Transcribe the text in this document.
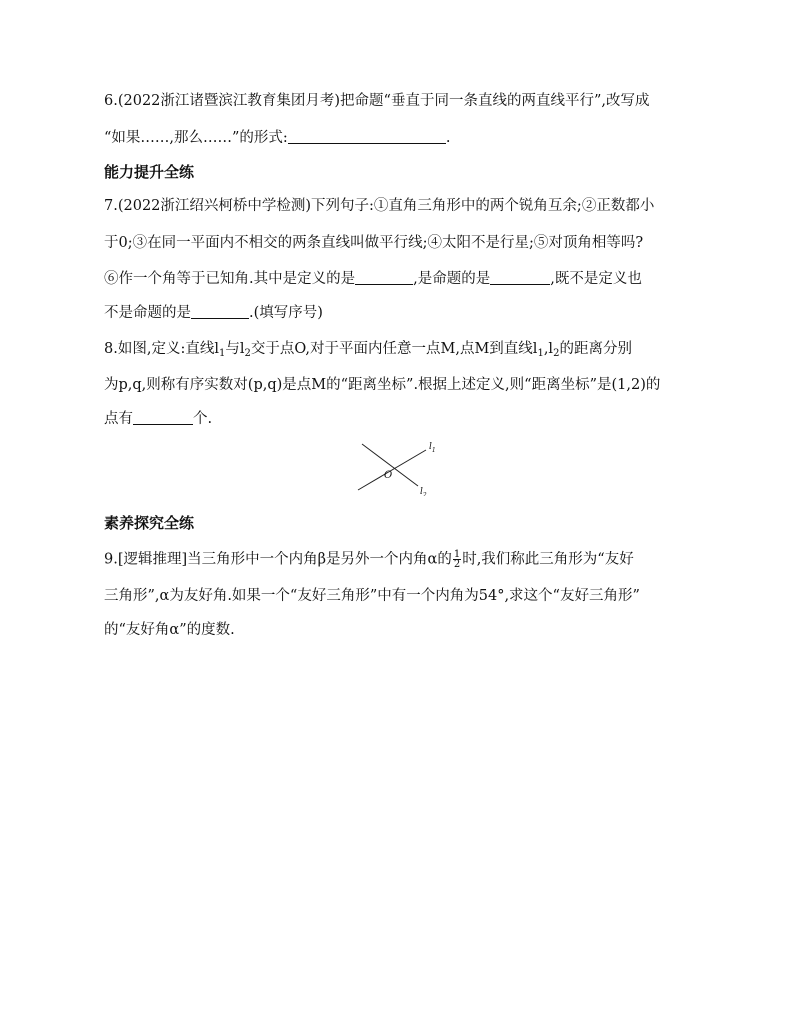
6.(2022浙江诸暨滨江教育集团月考)把命题“垂直于同一条直线的两直线平行”,改写成
“如果……,那么……”的形式:	.
能力提升全练
7.(2022浙江绍兴柯桥中学检测)下列句子:①直角三角形中的两个锐角互余;②正数都小
于0;③在同一平面内不相交的两条直线叫做平行线;④太阳不是行星;⑤对顶角相等吗?
⑥作一个角等于已知角.其中是定义的是	,是命题的是	,既不是定义也
不是命题的是	.(填写序号)
8.如图,定义:直线$l_1$与$l_2$交于点O,对于平面内任意一点M,点M到直线$l_1,l_2$的距离分别
为p,q,则称有序实数对(p,q)是点M的“距离坐标”.根据上述定义,则“距离坐标”是(1,2)的
点有	个.
O
$l_1$
$l_2$
素养探究全练
9.[逻辑推理]当三角形中一个内角β是另外一个内角α的 $\frac{1}{2}$ 时,我们称此三角形为“友好
三角形”,α为友好角.如果一个“友好三角形”中有一个内角为54°,求这个“友好三角形”
的“友好角α”的度数.
